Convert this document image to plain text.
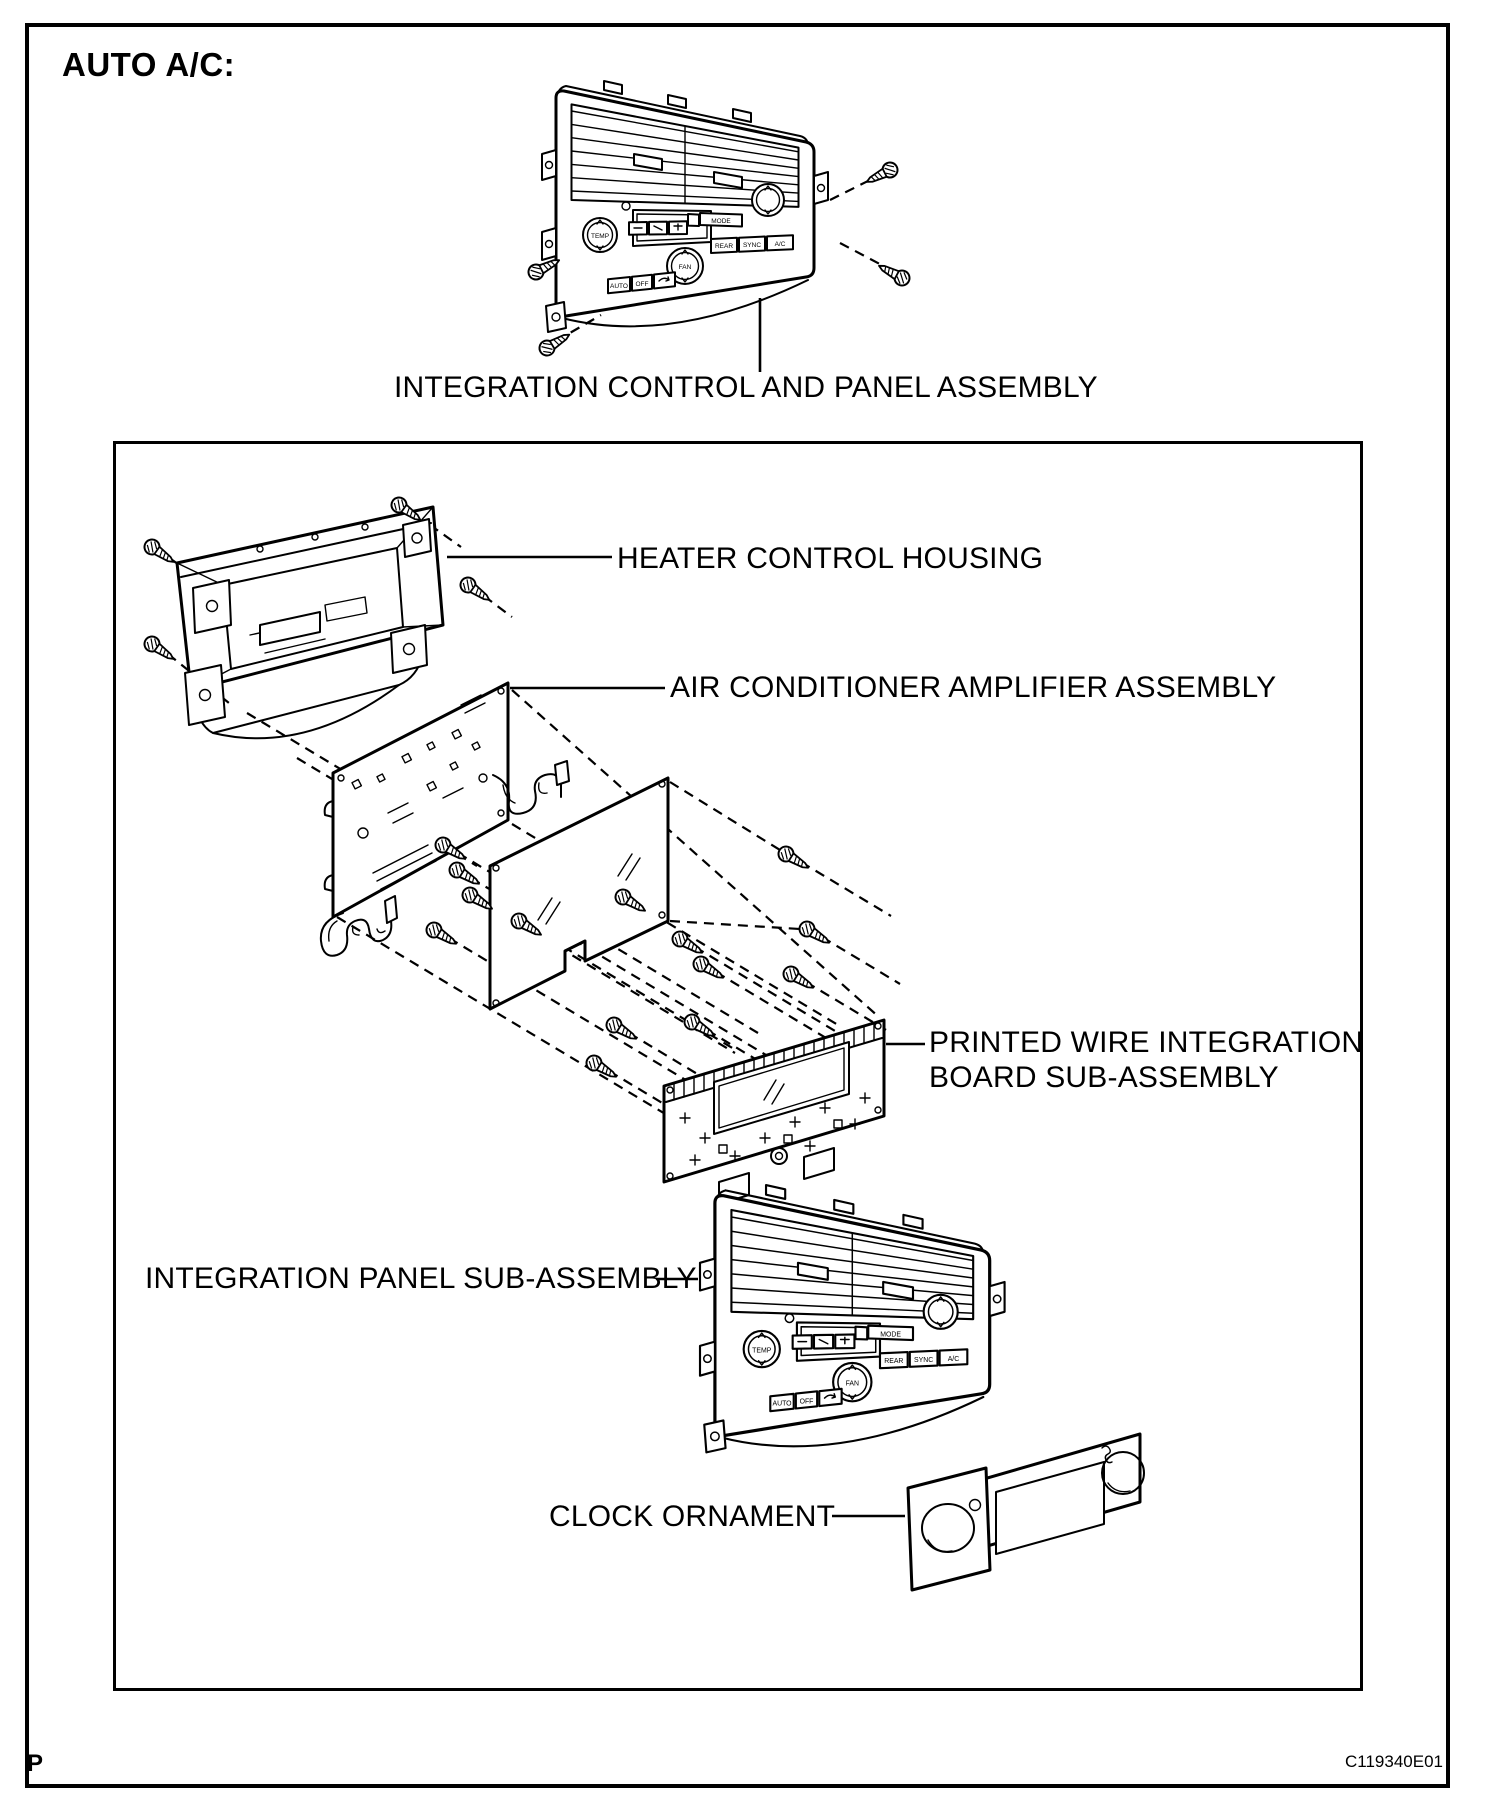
AUTO A/C:
TEMP
FAN
MODE
REAR	SYNC	A/C
AUTO	OFF
INTEGRATION CONTROL AND PANEL ASSEMBLY
HEATER CONTROL HOUSING
AIR CONDITIONER AMPLIFIER ASSEMBLY
PRINTED WIRE INTEGRATION
BOARD SUB-ASSEMBLY
INTEGRATION PANEL SUB-ASSEMBLY
CLOCK ORNAMENT
C119340E01
P
